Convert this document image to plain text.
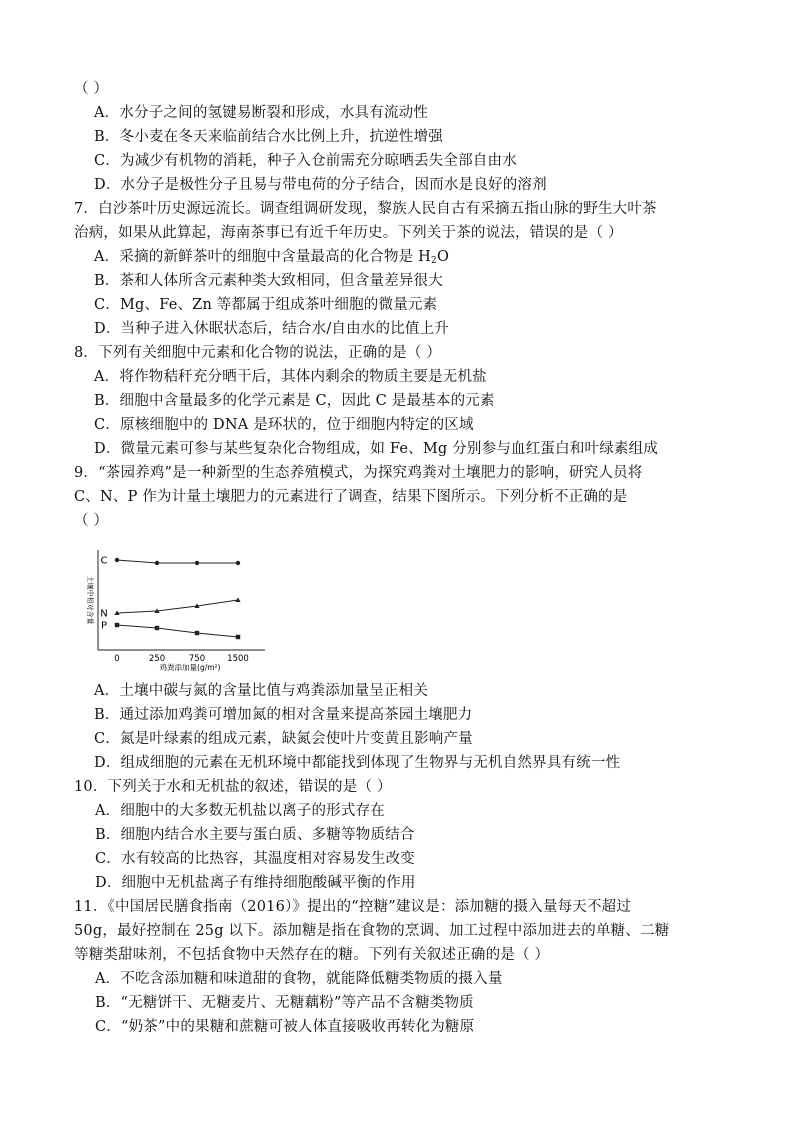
（ ）
A．水分子之间的氢键易断裂和形成，水具有流动性
B．冬小麦在冬天来临前结合水比例上升，抗逆性增强
C．为减少有机物的消耗，种子入仓前需充分晾晒丢失全部自由水
D．水分子是极性分子且易与带电荷的分子结合，因而水是良好的溶剂
7．白沙茶叶历史源远流长。调查组调研发现，黎族人民自古有采摘五指山脉的野生大叶茶
治病，如果从此算起，海南茶事已有近千年历史。下列关于茶的说法，错误的是（ ）
A．采摘的新鲜茶叶的细胞中含量最高的化合物是 $H_2O$
B．茶和人体所含元素种类大致相同，但含量差异很大
C．Mg、Fe、Zn 等都属于组成茶叶细胞的微量元素
D．当种子进入休眠状态后，结合水/自由水的比值上升
8．下列有关细胞中元素和化合物的说法，正确的是（ ）
A．将作物秸秆充分晒干后，其体内剩余的物质主要是无机盐
B．细胞中含量最多的化学元素是 C，因此 C 是最基本的元素
C．原核细胞中的 DNA 是环状的，位于细胞内特定的区域
D．微量元素可参与某些复杂化合物组成，如 Fe、Mg 分别参与血红蛋白和叶绿素组成
9．“茶园养鸡”是一种新型的生态养殖模式，为探究鸡粪对土壤肥力的影响，研究人员将
C、N、P 作为计量土壤肥力的元素进行了调查，结果下图所示。下列分析不正确的是
（ ）
土壤中相对含量
鸡粪添加量(g/m²)
0	250	750	1500
C
N
P
A．土壤中碳与氮的含量比值与鸡粪添加量呈正相关
B．通过添加鸡粪可增加氮的相对含量来提高茶园土壤肥力
C．氮是叶绿素的组成元素，缺氮会使叶片变黄且影响产量
D．组成细胞的元素在无机环境中都能找到体现了生物界与无机自然界具有统一性
10．下列关于水和无机盐的叙述，错误的是（ ）
A．细胞中的大多数无机盐以离子的形式存在
B．细胞内结合水主要与蛋白质、多糖等物质结合
C．水有较高的比热容，其温度相对容易发生改变
D．细胞中无机盐离子有维持细胞酸碱平衡的作用
11．《中国居民膳食指南（2016）》提出的“控糖”建议是：添加糖的摄入量每天不超过
50g，最好控制在 25g 以下。添加糖是指在食物的烹调、加工过程中添加进去的单糖、二糖
等糖类甜味剂，不包括食物中天然存在的糖。下列有关叙述正确的是（ ）
A．不吃含添加糖和味道甜的食物，就能降低糖类物质的摄入量
B．“无糖饼干、无糖麦片、无糖藕粉”等产品不含糖类物质
C．“奶茶”中的果糖和蔗糖可被人体直接吸收再转化为糖原
